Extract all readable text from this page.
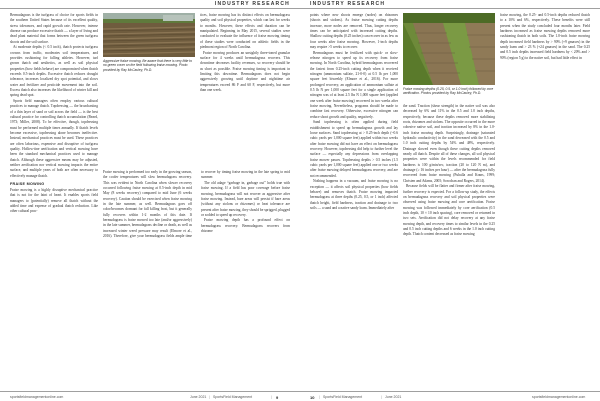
INDUSTRY RESEARCH

Bermudagrass is the turfgrass of choice for sports fields in the southern United States because of its excellent quality, stress tolerances, and rapid growth rate. However, intense disease can produce excessive thatch — a layer of living and dead plant material that forms between the green turfgrass shoots and the soil surface.

At moderate depths (< 0.5 inch), thatch protects turfgrass crowns from traffic, moderates soil temperatures, and provides cushioning for falling athletes. However, turf grown thatch and aesthetics, as well as soil physical properties (how fields behave) are compromised when thatch exceeds 0.5-inch depths. Excessive thatch reduces drought tolerance, increases localized dry spot potential, and slows water and fertilizer and pesticide movement into the soil. Excess thatch also increases the likelihood of winter kill and spring dead spot.

Sports field managers often employ various cultural practices to manage thatch. Topdressing — the broadcasting of a thin layer of sand or soil across the field — is the best cultural practice for controlling thatch accumulation (Beard, 1973; Miller, 2008). To be effective, though, topdressing must be performed multiple times annually. If thatch levels become excessive, topdressing alone becomes ineffective. Instead, mechanical practices must be used. These practices are often laborious, expensive and disruptive of turfgrass quality. Hollow-tine aerification and vertical mowing have been the standard mechanical practices used to manage thatch. Although these aggressive means may be adjusted, neither aerification nor vertical mowing impacts the entire surface, and multiple years of both are often necessary to effectively manage thatch.

FRAISE MOWING

Fraise mowing is a highly disruptive mechanical practice that is not for the faint of heart. It enables sports field managers to (potentially) remove all thatch without the added time and expense of gradual thatch reduction. Like other cultural prac-

Aggressive fraise mowing. Be aware that there is very little to no green cover on the field following fraise mowing. Photo provided by Ray McCauley, Ph.D.

tices, fraise mowing has its distinct effects on bermudagrass quality and soil physical properties, which can last for weeks to months. However, these effects and duration can be manipulated. Beginning in May 2015, several studies were conducted to evaluate the influence of fraise mowing timing of these studies were conducted on athletic fields in the piedmont region of North Carolina.

Fraise mowing produces an unsightly three-toned granular surface for 4 weeks until bermudagrass recovers. This downtime decreases facility revenues, so recovery should be as short as possible. Fraise mowing timing is important in limiting this downtime. Bermudagrass does not begin aggressively growing until daytime and nighttime air temperatures exceed 86 F and 60 F, respectively, but more than one week.

Fraise mowing is performed too early in the growing season, the cooler temperatures will slow bermudagrass recovery. This was evident in North Carolina when slower recovery occurred following fraise mowing at 0.5-inch depth in mid May (8 weeks recovery) compared to mid June (6 weeks recovery). Caution should be exercised when fraise mowing in the late summer, as well. Bermudagrass goes off color/becomes dormant for fall killing frost, but it generally fully recovers within 1-2 months of this date. If bermudagrass is fraise mowed too late (and/or aggressively) in the late summer, bermudagrass decline or death, as well as increased winter weed pressure may result (Elmore et al., 2016). Therefore, give your bermudagrass fields ample time to recover by timing fraise mowing in the late spring to mid summer.

The old adage “garbage in, garbage out” holds true with fraise mowing. If a field has poor coverage before fraise mowing, bermudagrass will not recover as aggressive after fraise mowing. Instead, bare areas will persist if bare areas (without any stolons or rhizomes) or heat tolerance are present after fraise mowing, they should be sprigged, plugged or sodded to speed up recovery.

Fraise mowing depth has a profound effect on bermudagrass recovery. Bermudagrass recovers from rhizome

sportsfieldmanagementonline.com	June 2021 | SportsField Management	| 9
INDUSTRY RESEARCH

points where new shoots emerge (nodes) on rhizomes (shoots and stolons). As fraise mowing cutting depths increase, more nodes are removed. Thus, longer recovery times can be anticipated with increased cutting depths. Shallow cutting depths (0.25 inches) can recover in as few as four weeks after fraise mowing. However, 1-inch depths may require >5 weeks to recover.

Bermudagrass must be fertilized with quick- or slow-release nitrogen to speed up its recovery from fraise mowing. In North Carolina, hybrid bermudagrass recovered the fastest from 0.25-inch cutting depth when it received nitrogen (ammonium sulfate, 21-0-0) at 0.5 lb per 1,000 square feet biweekly (Elmore et al., 2016). For more prolonged recovery, an application of ammonium sulfate at 0.5 lb N per 1,000 square feet for a single application of nitrogen was of at least 2.5 lbs N 1,000 square feet (applied one week after fraise mowing) recovered in two weeks after fraise mowing. Nevertheless, programs should be made to combine fast recovery. Otherwise, excessive nitrogen can reduce shoot growth and quality, negatively.

Sand topdressing is often applied during field establishment to speed up bermudagrass growth and lay loose surfaces. Sand topdressing at > 0.25-inch depth (~0.6 cubic yards per 1,000 square feet) applied within two weeks after fraise mowing did not have an effect on bermudagrass recovery. However, topdressing did help to further level the surface — especially any depressions from overlapping fraise mower passes. Topdressing depths > 0.5 inches (1.5 cubic yards per 1,000 square feet) applied one or two weeks after fraise mowing delayed bermudagrass recovery, and are not recommended.

Nothing happens in a vacuum, and fraise mowing is no exception — it affects soil physical properties (how fields behave) and removes thatch. Fraise mowing impacted bermudagrass at three depths (0.25, 0.5, or 1 inch) affected thatch height, field hardness, traction and drainage to two soils — a sand and a native sandy loam. Immediately after

Fraise mowing depths (0.25, 0.5, or 1.0 inch) followed by core aerification. Photos provided by Ray McCauley, Ph.D.

the sand. Traction (shear strength) in the native soil was also decreased by 6% and 11% in the 0.5 and 1.0 inch depths, respectively, because these depths removed more stabilizing roots, rhizomes and stolons. The opposite occurred in the more cohesive native soil, and traction increased by 8% in the 1.0-inch fraise mowing depth. Surprisingly, drainage (saturated hydraulic conductivity) in the sand decreased with the 0.5 and 1.0 inch cutting depths by 54% and 48%, respectively. Drainage slowed even though these cutting depths removed nearly all thatch. Despite all of these changes, all soil physical properties were within the levels recommended for field hardness is 100 g/min/sec, traction (20 to 120 N m), and drainage (≥ 16 inches per hour) — after the bermudagrass fully recovered from fraise mowing (Puhalla and Krans, 1999; Christen and Adams, 2005; Sorochan and Rogers, 2014).

Because fields will be flatter and firmer after fraise mowing, further recovery is expected. For a follow-up study, the effects on bermudagrass recovery and soil physical properties were observed using fraise mowing and core aerification. Fraise mowing was followed immediately by core aerification (0.5 inch depth, 10 × 10 inch spacing), core removed or returned in two sets. Aerification did not delay recovery at any fraise mowing depth, and recovery times to similar levels in the 0.25 and 0.5 inch cutting depths and 6 weeks in the 1.0 inch cutting depth. Thatch content decreased as fraise mowing

fraise mowing, the 0.25- and 0.5-inch depths reduced thatch to a 10% and 6%, respectively. These benefits were still present when the study concluded four months later. Field hardness increased as fraise mowing depths removed more cushioning thatch in both soils. The 1.0-inch fraise mowing depth increased field hardness by > 90% (+9 gmaxes) in the sandy loam and > 23 % (+24 gmaxes) in the sand. The 0.25 and 0.5 inch depths increased field hardness by < 20% and > 90% (region 5 g) to the native soil, but had little effect in

10 | SportsField Management	| June 2021	sportsfieldmanagementonline.com
